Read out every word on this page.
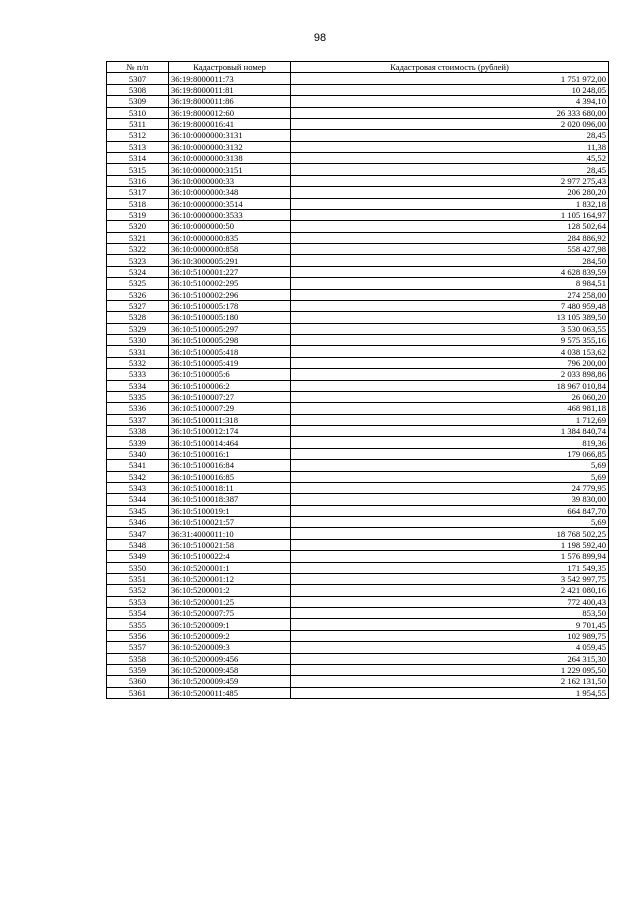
98
№ п/п	Кадастровый номер	Кадастровая стоимость (рублей)
5307	36:19:8000011:73	1 751 972,00
5308	36:19:8000011:81	10 248,05
5309	36:19:8000011:86	4 394,10
5310	36:19:8000012:60	26 333 680,00
5311	36:19:8000016:41	2 020 096,00
5312	36:10:0000000:3131	28,45
5313	36:10:0000000:3132	11,38
5314	36:10:0000000:3138	45,52
5315	36:10:0000000:3151	28,45
5316	36:10:0000000:33	2 977 275,43
5317	36:10:0000000:348	206 280,20
5318	36:10:0000000:3514	1 832,18
5319	36:10:0000000:3533	1 105 164,97
5320	36:10:0000000:50	128 502,64
5321	36:10:0000000:835	284 886,92
5322	36:10:0000000:858	558 427,98
5323	36:10:3000005:291	284,50
5324	36:10:5100001:227	4 628 839,59
5325	36:10:5100002:295	8 984,51
5326	36:10:5100002:296	274 258,00
5327	36:10:5100005:178	7 480 959,48
5328	36:10:5100005:180	13 105 389,50
5329	36:10:5100005:297	3 530 063,55
5330	36:10:5100005:298	9 575 355,16
5331	36:10:5100005:418	4 038 153,62
5332	36:10:5100005:419	796 200,00
5333	36:10:5100005:6	2 033 898,86
5334	36:10:5100006:2	18 967 010,84
5335	36:10:5100007:27	26 060,20
5336	36:10:5100007:29	468 981,18
5337	36:10:5100011:318	1 712,69
5338	36:10:5100012:174	1 384 840,74
5339	36:10:5100014:464	819,36
5340	36:10:5100016:1	179 066,85
5341	36:10:5100016:84	5,69
5342	36:10:5100016:85	5,69
5343	36:10:5100018:11	24 779,95
5344	36:10:5100018:387	39 830,00
5345	36:10:5100019:1	664 847,70
5346	36:10:5100021:57	5,69
5347	36:31:4000011:10	18 768 502,25
5348	36:10:5100021:58	1 198 592,40
5349	36:10:5100022:4	1 576 899,94
5350	36:10:5200001:1	171 549,35
5351	36:10:5200001:12	3 542 997,75
5352	36:10:5200001:2	2 421 080,16
5353	36:10:5200001:25	772 400,43
5354	36:10:5200007:75	853,50
5355	36:10:5200009:1	9 701,45
5356	36:10:5200009:2	102 989,75
5357	36:10:5200009:3	4 059,45
5358	36:10:5200009:456	264 315,30
5359	36:10:5200009:458	1 229 095,50
5360	36:10:5200009:459	2 162 131,50
5361	36:10:5200011:485	1 954,55
